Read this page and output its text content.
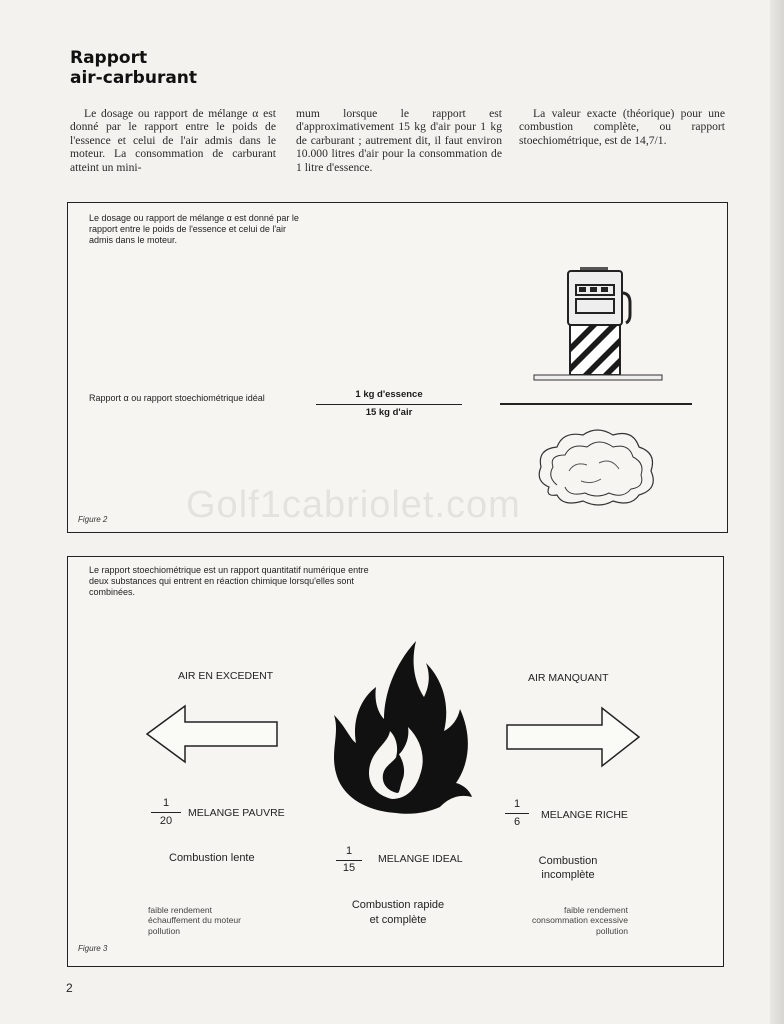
Rapport
air-carburant

Le dosage ou rapport de mélange α est donné par le rapport entre le poids de l'essence et celui de l'air admis dans le moteur. La consommation de carburant atteint un mini-

mum lorsque le rapport est d'approximativement 15 kg d'air pour 1 kg de carburant ; autrement dit, il faut environ 10.000 litres d'air pour la consommation de 1 litre d'essence.

La valeur exacte (théorique) pour une combustion complète, ou rapport stoechiométrique, est de 14,7/1.

Le dosage ou rapport de mélange α est donné par le rapport entre le poids de l'essence et celui de l'air admis dans le moteur.
Rapport α ou rapport stoechiométrique idéal	1 kg d'essence
15 kg d'air
Figure 2 Golf1cabriolet.com
Le rapport stoechiométrique est un rapport quantitatif numérique entre deux substances qui entrent en réaction chimique lorsqu'elles sont combinées.
AIR EN EXCEDENT	AIR MANQUANT
1
20
MELANGE PAUVRE
Combustion lente
faible rendement
échauffement du moteur
pollution
1
15
MELANGE IDEAL
Combustion rapide
et complète
1
6
MELANGE RICHE
Combustion
incomplète
faible rendement
consommation excessive
pollution
Figure 3
2
